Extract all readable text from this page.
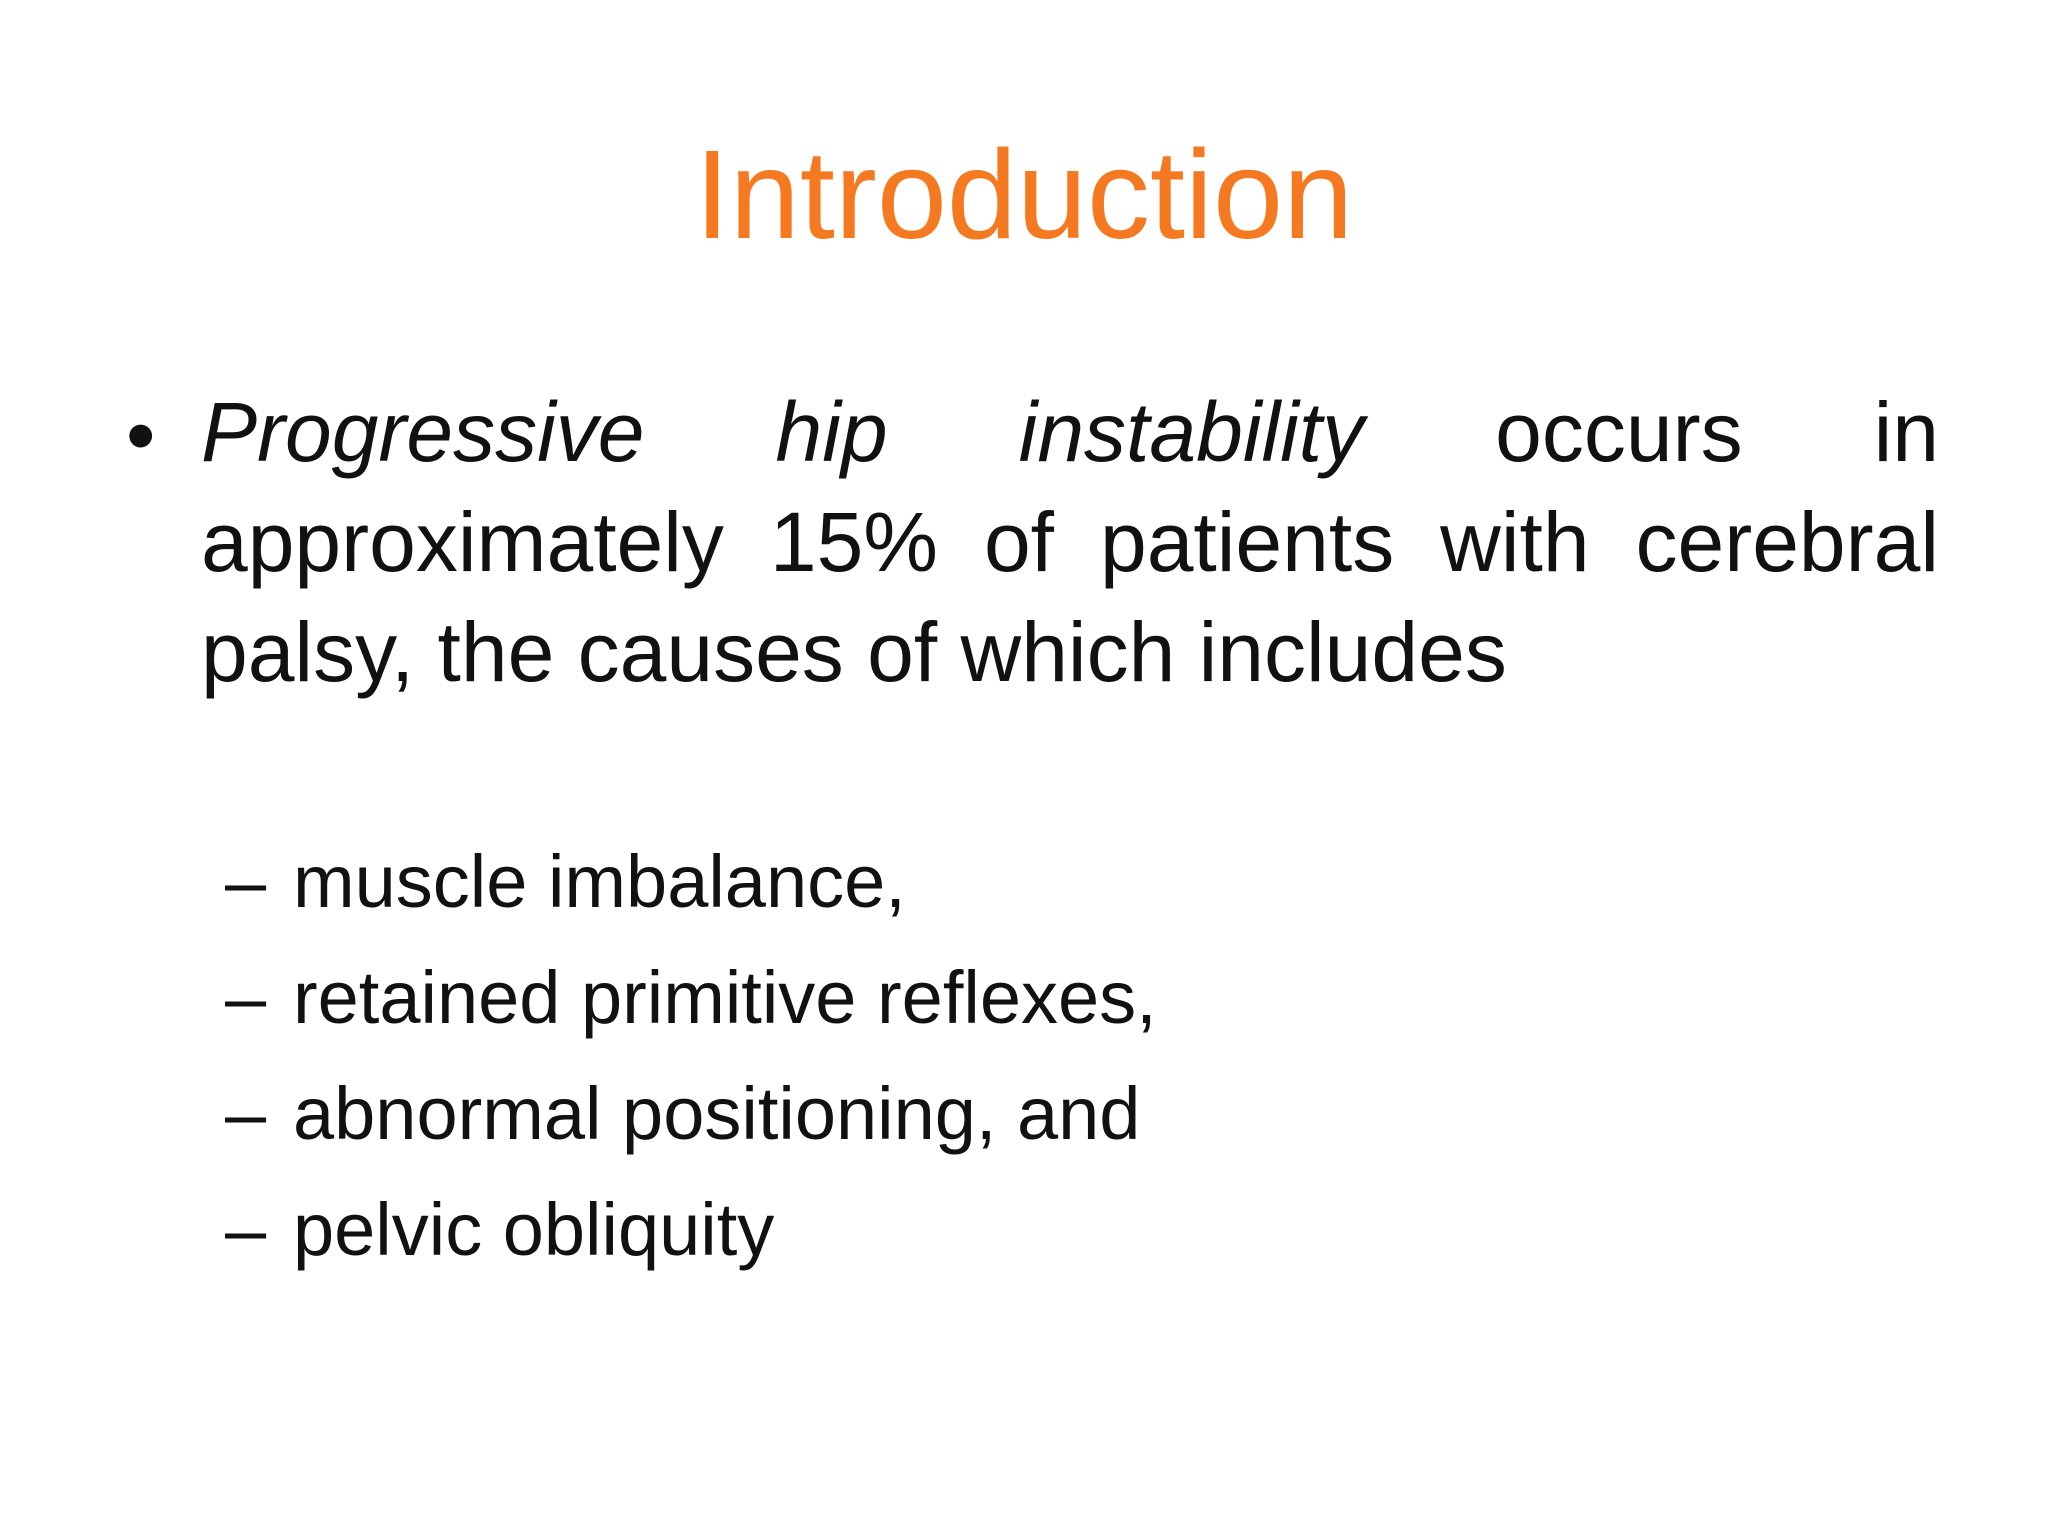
Introduction
• Progressive hip instability occurs in approximately 15% of patients with cerebral palsy, the causes of which includes

– muscle imbalance,
– retained primitive reflexes,
– abnormal positioning, and
– pelvic obliquity
